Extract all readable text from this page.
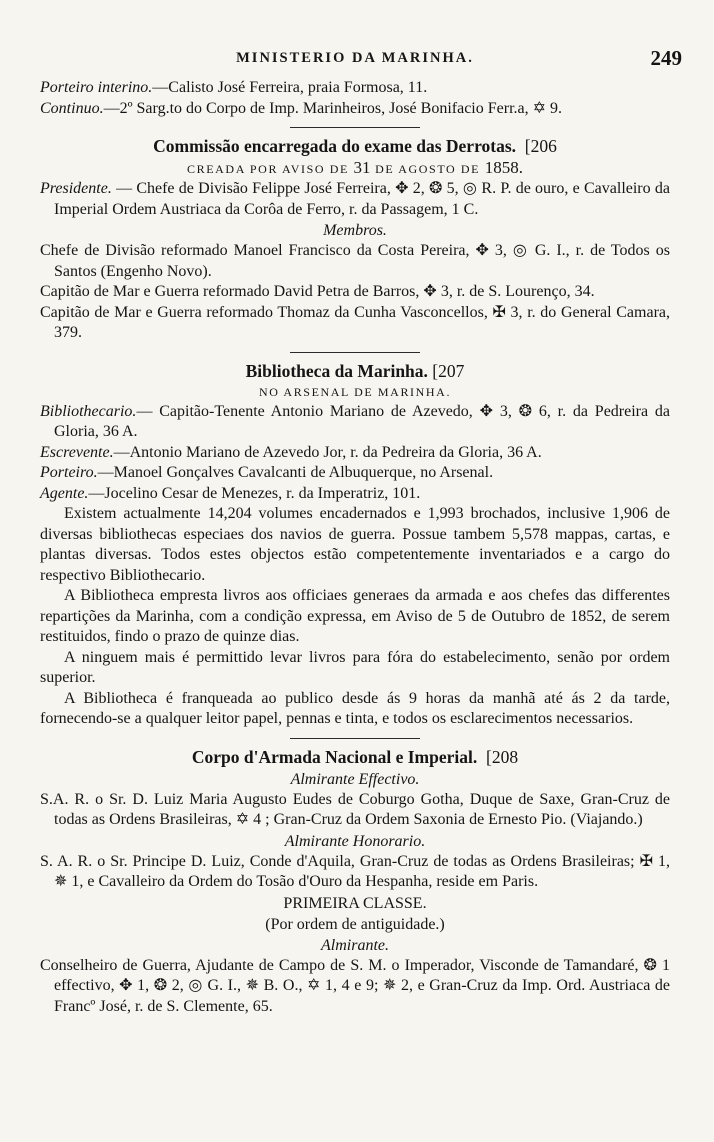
MINISTERIO DA MARINHA.	249

Porteiro interino.—Calisto José Ferreira, praia Formosa, 11.

Continuo.—2º Sarg.to do Corpo de Imp. Marinheiros, José Bonifacio Ferr.a, ✡ 9.

Commissão encarregada do exame das Derrotas. [206
CREADA POR AVISO DE 31 DE AGOSTO DE 1858.

Presidente. — Chefe de Divisão Felippe José Ferreira, ✥ 2, ❂ 5, ◎ R. P. de ouro, e Cavalleiro da Imperial Ordem Austriaca da Corôa de Ferro, r. da Passagem, 1 C.

Membros.

Chefe de Divisão reformado Manoel Francisco da Costa Pereira, ✥ 3, ◎ G. I., r. de Todos os Santos (Engenho Novo).

Capitão de Mar e Guerra reformado David Petra de Barros, ✥ 3, r. de S. Lourenço, 34.

Capitão de Mar e Guerra reformado Thomaz da Cunha Vasconcellos, ✠ 3, r. do General Camara, 379.

Bibliotheca da Marinha. [207
NO ARSENAL DE MARINHA.

Bibliothecario.— Capitão-Tenente Antonio Mariano de Azevedo, ✥ 3, ❂ 6, r. da Pedreira da Gloria, 36 A.

Escrevente.—Antonio Mariano de Azevedo Jor, r. da Pedreira da Gloria, 36 A.

Porteiro.—Manoel Gonçalves Cavalcanti de Albuquerque, no Arsenal.

Agente.—Jocelino Cesar de Menezes, r. da Imperatriz, 101.

Existem actualmente 14,204 volumes encadernados e 1,993 brochados, inclusive 1,906 de diversas bibliothecas especiaes dos navios de guerra. Possue tambem 5,578 mappas, cartas, e plantas diversas. Todos estes objectos estão competentemente inventariados e a cargo do respectivo Bibliothecario.

A Bibliotheca empresta livros aos officiaes generaes da armada e aos chefes das differentes repartições da Marinha, com a condição expressa, em Aviso de 5 de Outubro de 1852, de serem restituidos, findo o prazo de quinze dias.

A ninguem mais é permittido levar livros para fóra do estabelecimento, senão por ordem superior.

A Bibliotheca é franqueada ao publico desde ás 9 horas da manhã até ás 2 da tarde, fornecendo-se a qualquer leitor papel, pennas e tinta, e todos os esclarecimentos necessarios.

Corpo d'Armada Nacional e Imperial. [208
Almirante Effectivo.

S.A. R. o Sr. D. Luiz Maria Augusto Eudes de Coburgo Gotha, Duque de Saxe, Gran-Cruz de todas as Ordens Brasileiras, ✡ 4 ; Gran-Cruz da Ordem Saxonia de Ernesto Pio. (Viajando.)

Almirante Honorario.

S. A. R. o Sr. Principe D. Luiz, Conde d'Aquila, Gran-Cruz de todas as Ordens Brasileiras; ✠ 1, ✵ 1, e Cavalleiro da Ordem do Tosão d'Ouro da Hespanha, reside em Paris.

PRIMEIRA CLASSE.
(Por ordem de antiguidade.)
Almirante.

Conselheiro de Guerra, Ajudante de Campo de S. M. o Imperador, Visconde de Tamandaré, ❂ 1 effectivo, ✥ 1, ❂ 2, ◎ G. I., ✵ B. O., ✡ 1, 4 e 9; ✵ 2, e Gran-Cruz da Imp. Ord. Austriaca de Francº José, r. de S. Clemente, 65.
